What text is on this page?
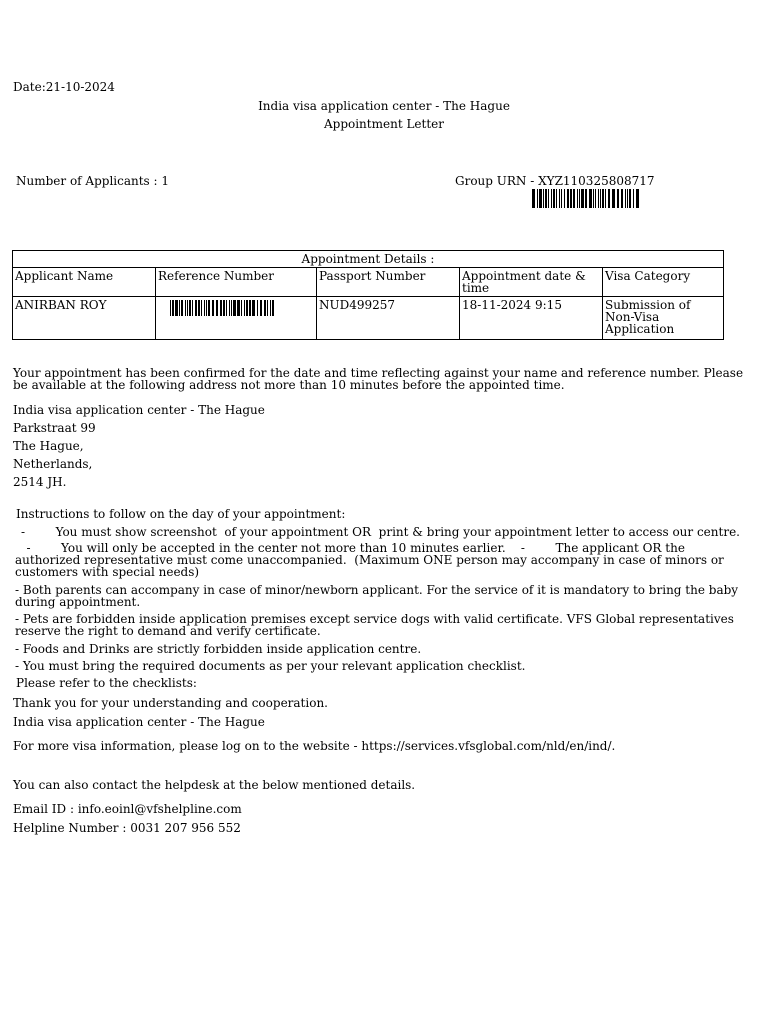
Date:21-10-2024
India visa application center - The Hague
Appointment Letter
Number of Applicants : 1	Group URN - XYZ110325808717
Appointment Details :				
Applicant Name	Reference Number	Passport Number	Appointment date & time	Visa Category
ANIRBAN ROY		NUD499257	18-11-2024 9:15	Submission of Non-Visa Application
Your appointment has been confirmed for the date and time reflecting against your name and reference number. Please be available at the following address not more than 10 minutes before the appointed time.
India visa application center - The Hague
Parkstraat 99
The Hague,
Netherlands,
2514 JH.
Instructions to follow on the day of your appointment:
-        You must show screenshot  of your appointment OR  print & bring your appointment letter to access our centre.
-        You will only be accepted in the center not more than 10 minutes earlier.    -        The applicant OR the authorized representative must come unaccompanied.  (Maximum ONE person may accompany in case of minors or customers with special needs)
- Both parents can accompany in case of minor/newborn applicant. For the service of it is mandatory to bring the baby during appointment.
- Pets are forbidden inside application premises except service dogs with valid certificate. VFS Global representatives reserve the right to demand and verify certificate.
- Foods and Drinks are strictly forbidden inside application centre.
- You must bring the required documents as per your relevant application checklist.
Please refer to the checklists:
Thank you for your understanding and cooperation.
India visa application center - The Hague
For more visa information, please log on to the website - https://services.vfsglobal.com/nld/en/ind/.
You can also contact the helpdesk at the below mentioned details.
Email ID : info.eoinl@vfshelpline.com
Helpline Number : 0031 207 956 552
